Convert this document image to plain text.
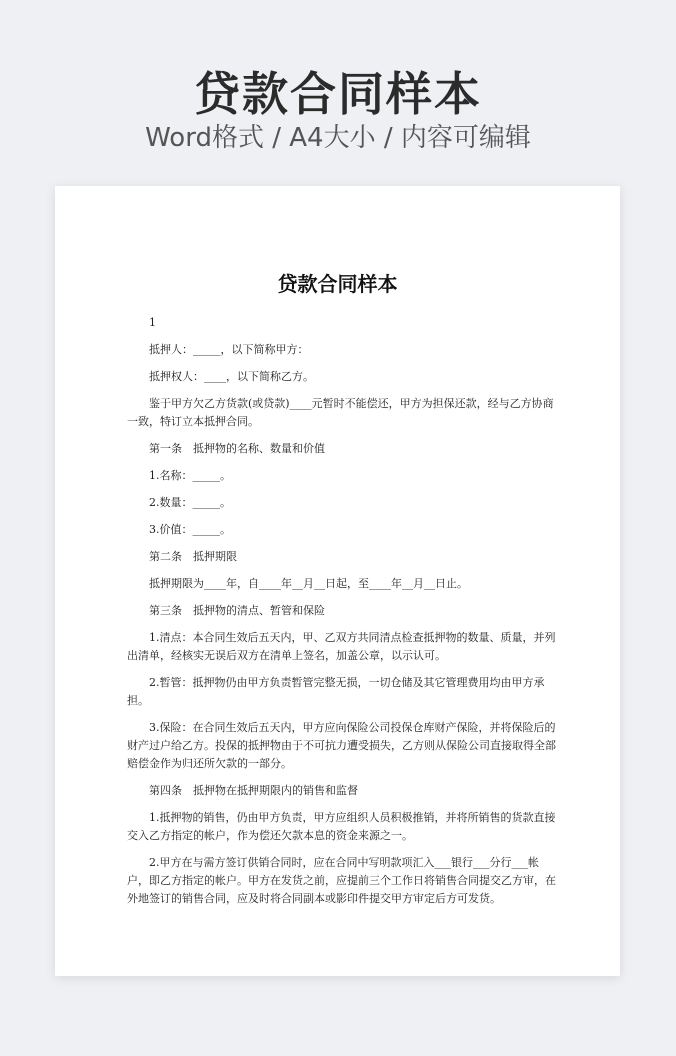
贷款合同样本
Word格式 / A4大小 / 内容可编辑
贷款合同样本

1

抵押人：_____，以下简称甲方：

抵押权人：____，以下简称乙方。

鉴于甲方欠乙方货款(或贷款)____元暂时不能偿还，甲方为担保还款，经与乙方协商一致，特订立本抵押合同。

第一条　抵押物的名称、数量和价值

1.名称：_____。

2.数量：_____。

3.价值：_____。

第二条　抵押期限

抵押期限为____年，自____年__月__日起，至____年__月__日止。

第三条　抵押物的清点、暂管和保险

1.清点：本合同生效后五天内，甲、乙双方共同清点检查抵押物的数量、质量，并列出清单，经核实无误后双方在清单上签名，加盖公章，以示认可。

2.暂管：抵押物仍由甲方负责暂管完整无损，一切仓储及其它管理费用均由甲方承担。

3.保险：在合同生效后五天内，甲方应向保险公司投保仓库财产保险，并将保险后的财产过户给乙方。投保的抵押物由于不可抗力遭受损失，乙方则从保险公司直接取得全部赔偿金作为归还所欠款的一部分。

第四条　抵押物在抵押期限内的销售和监督

1.抵押物的销售，仍由甲方负责，甲方应组织人员积极推销，并将所销售的货款直接交入乙方指定的帐户，作为偿还欠款本息的资金来源之一。

2.甲方在与需方签订供销合同时，应在合同中写明款项汇入___银行___分行___帐户，即乙方指定的帐户。甲方在发货之前，应提前三个工作日将销售合同提交乙方审，在外地签订的销售合同，应及时将合同副本或影印件提交甲方审定后方可发货。
